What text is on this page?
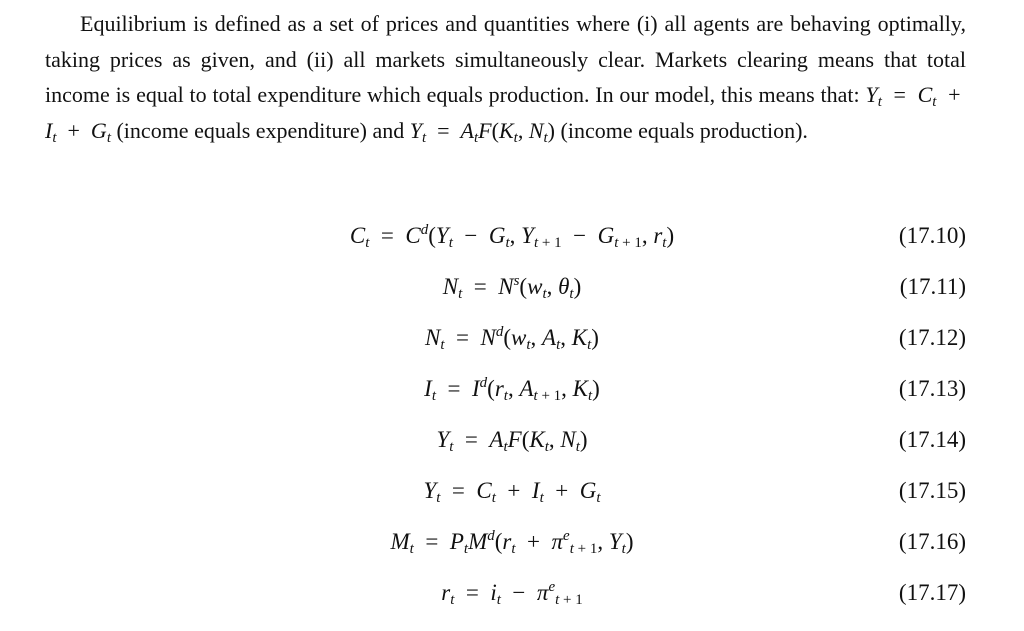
Equilibrium is defined as a set of prices and quantities where (i) all agents are behaving optimally, taking prices as given, and (ii) all markets simultaneously clear. Markets clearing means that total income is equal to total expenditure which equals production. In our model, this means that: $Y_t = C_t + I_t + G_t$ (income equals expenditure) and $Y_t = A_tF(K_t$, $N_t$) (income equals production).

$C_t = C^d(Y_t - G_t$, $Y_{t + 1} - G_{t + 1}$, $r_t$)	(17.10)
$N_t = N^s(w_t$, $\theta_t$)	(17.11)
$N_t = N^d(w_t$, $A_t$, $K_t$)	(17.12)
$I_t = I^d(r_t$, $A_{t + 1}$, $K_t$)	(17.13)
$Y_t = A_tF(K_t$, $N_t$)	(17.14)
$Y_t = C_t + I_t + G_t$	(17.15)
$M_t = P_tM^d(r_t + \pi^e_{t + 1}$, $Y_t$)	(17.16)
$r_t = i_t - \pi^e_{t + 1}$	(17.17)
